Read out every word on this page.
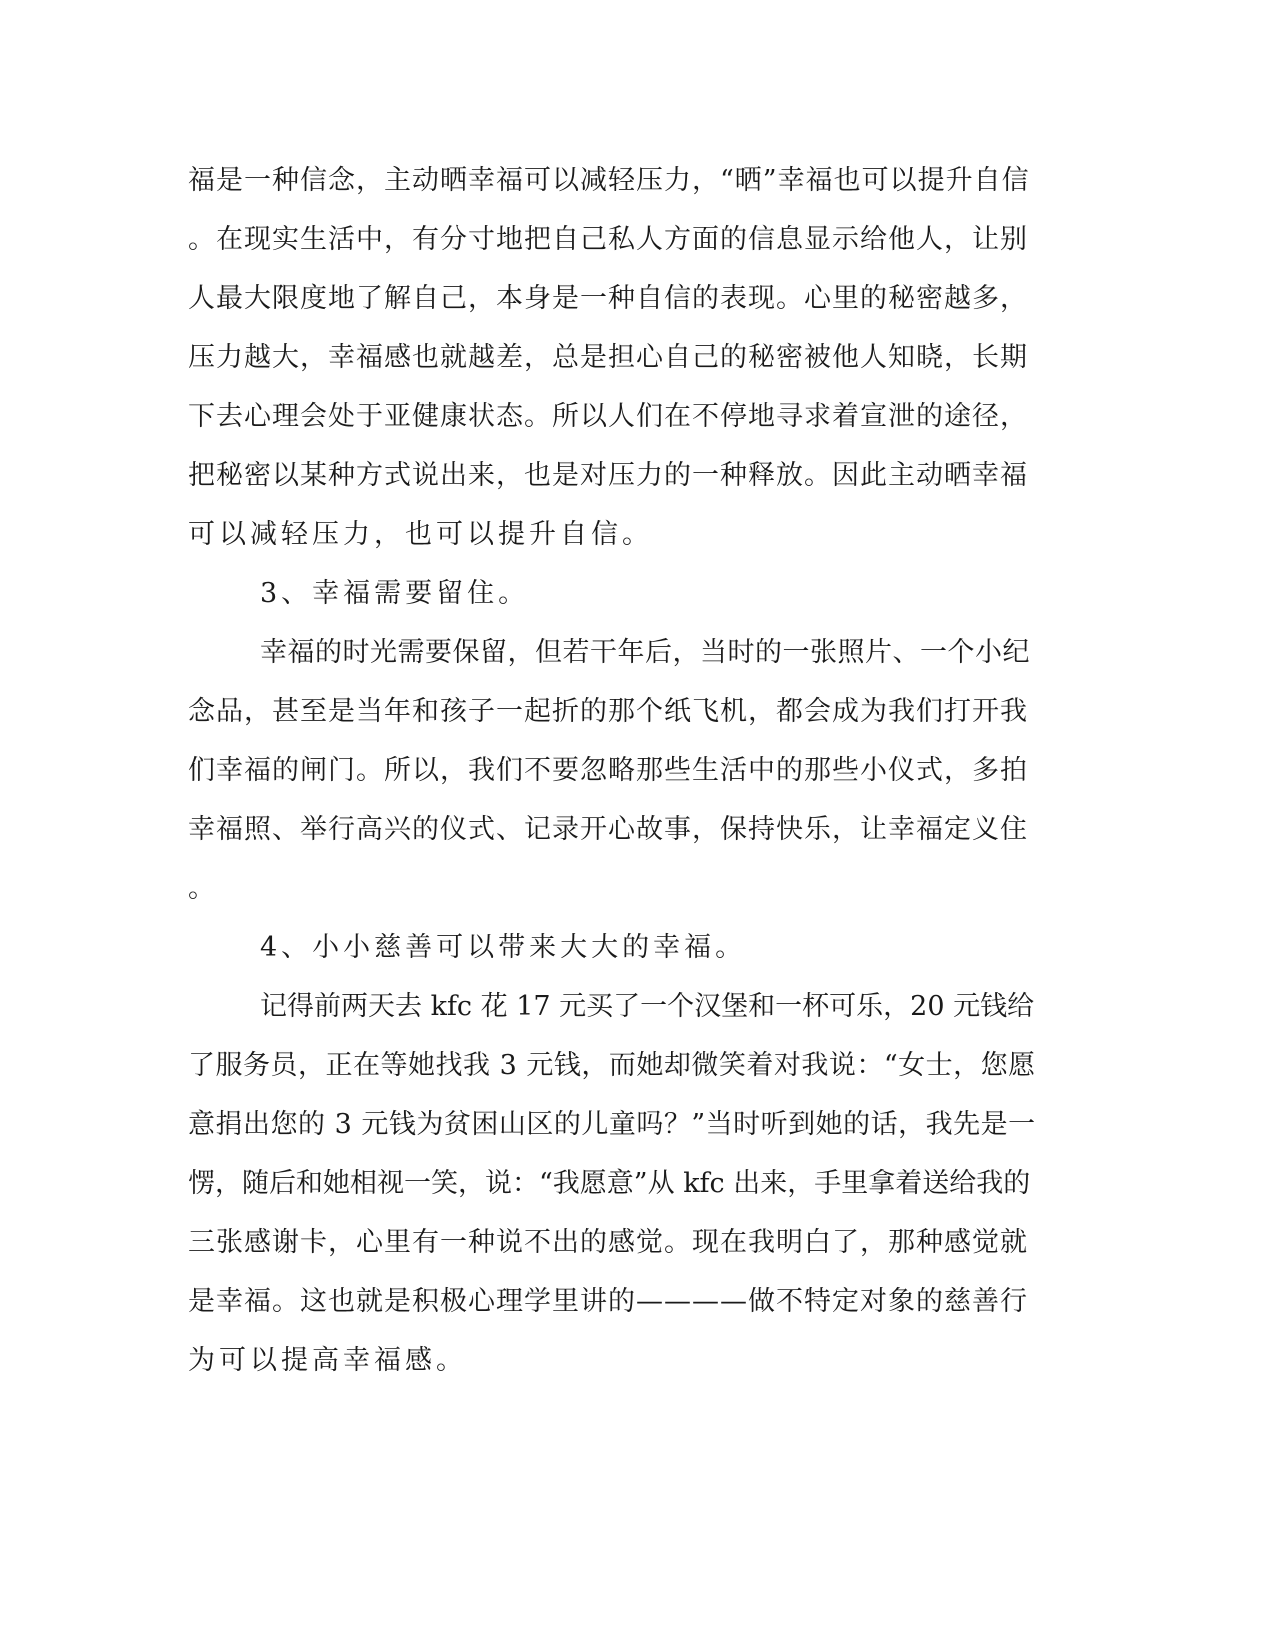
福是一种信念，主动晒幸福可以减轻压力，“晒”幸福也可以提升自信
。在现实生活中，有分寸地把自己私人方面的信息显示给他人，让别
人最大限度地了解自己，本身是一种自信的表现。心里的秘密越多，
压力越大，幸福感也就越差，总是担心自己的秘密被他人知晓，长期
下去心理会处于亚健康状态。所以人们在不停地寻求着宣泄的途径，
把秘密以某种方式说出来，也是对压力的一种释放。因此主动晒幸福
可以减轻压力，也可以提升自信。
3、幸福需要留住。
幸福的时光需要保留，但若干年后，当时的一张照片、一个小纪
念品，甚至是当年和孩子一起折的那个纸飞机，都会成为我们打开我
们幸福的闸门。所以，我们不要忽略那些生活中的那些小仪式，多拍
幸福照、举行高兴的仪式、记录开心故事，保持快乐，让幸福定义住
。
4、小小慈善可以带来大大的幸福。
记得前两天去 kfc 花 17 元买了一个汉堡和一杯可乐，20 元钱给
了服务员，正在等她找我 3 元钱，而她却微笑着对我说：“女士，您愿
意捐出您的 3 元钱为贫困山区的儿童吗？”当时听到她的话，我先是一
愣，随后和她相视一笑，说：“我愿意”从 kfc 出来，手里拿着送给我的
三张感谢卡，心里有一种说不出的感觉。现在我明白了，那种感觉就
是幸福。这也就是积极心理学里讲的————做不特定对象的慈善行
为可以提高幸福感。
